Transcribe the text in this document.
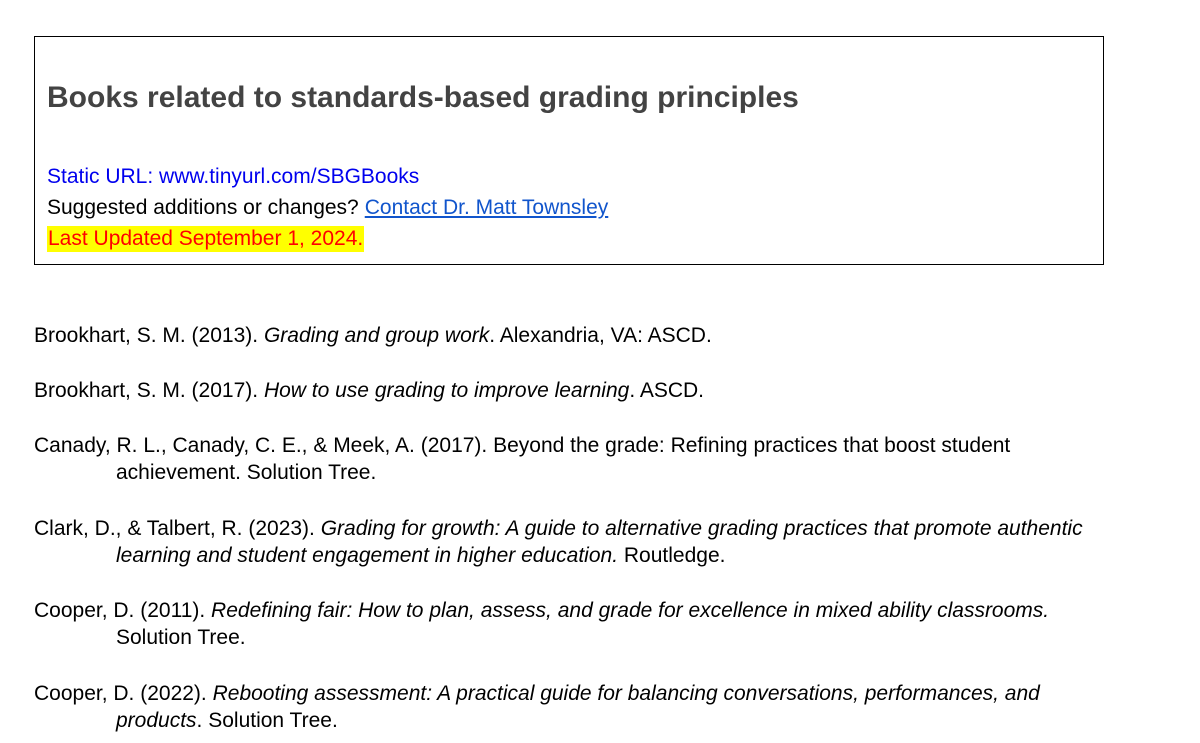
Books related to standards-based grading principles
Static URL: www.tinyurl.com/SBGBooks
Suggested additions or changes? Contact Dr. Matt Townsley
Last Updated September 1, 2024.
Brookhart, S. M. (2013). Grading and group work. Alexandria, VA: ASCD.
Brookhart, S. M. (2017). How to use grading to improve learning. ASCD.
Canady, R. L., Canady, C. E., & Meek, A. (2017). Beyond the grade: Refining practices that boost student achievement. Solution Tree.
Clark, D., & Talbert, R. (2023). Grading for growth: A guide to alternative grading practices that promote authentic learning and student engagement in higher education. Routledge.
Cooper, D. (2011). Redefining fair: How to plan, assess, and grade for excellence in mixed ability classrooms. Solution Tree.
Cooper, D. (2022). Rebooting assessment: A practical guide for balancing conversations, performances, and products. Solution Tree.
